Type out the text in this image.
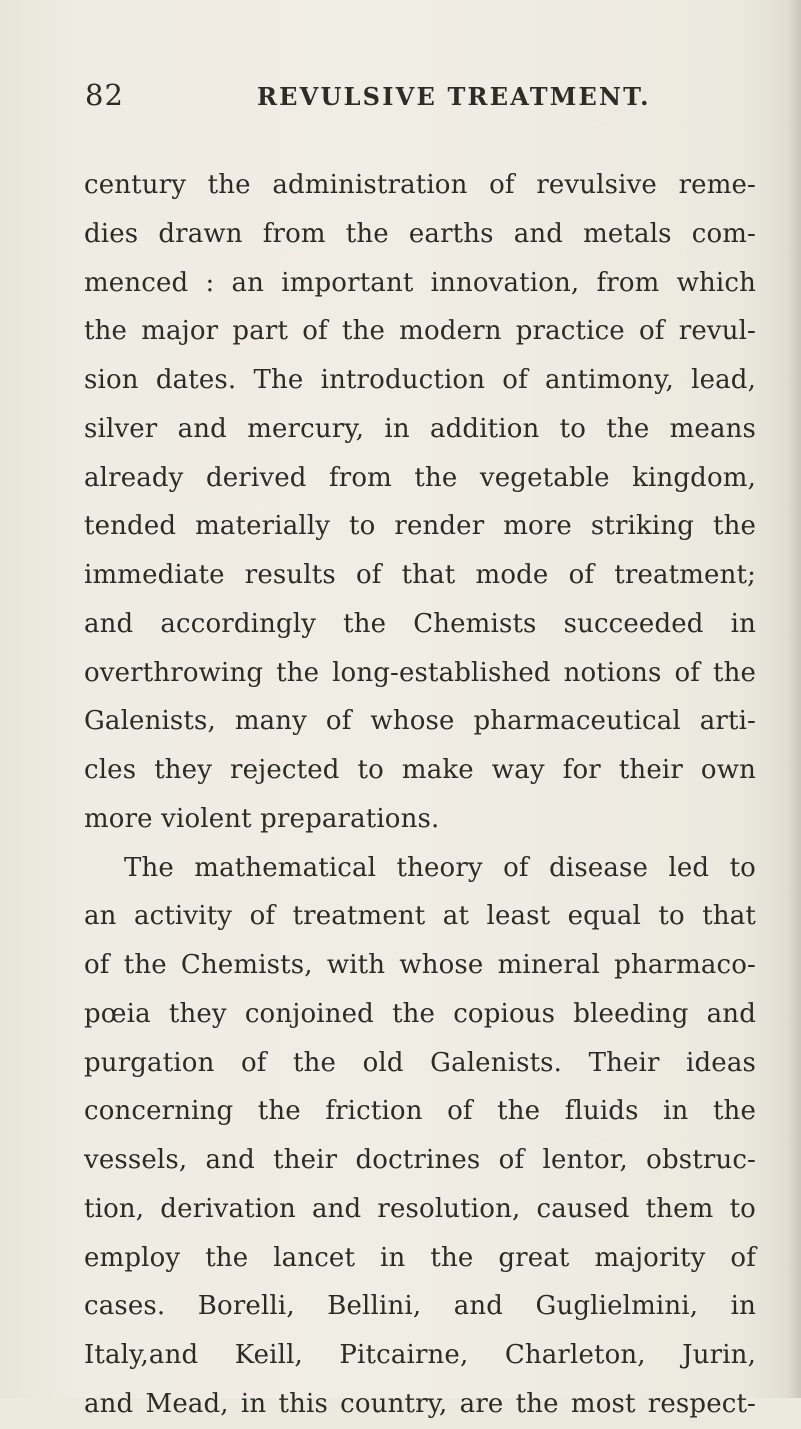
82	REVULSIVE TREATMENT.
century the administration of revulsive reme-
dies drawn from the earths and metals com-
menced : an important innovation, from which
the major part of the modern practice of revul-
sion dates. The introduction of antimony, lead,
silver and mercury, in addition to the means
already derived from the vegetable kingdom,
tended materially to render more striking the
immediate results of that mode of treatment;
and accordingly the Chemists succeeded in
overthrowing the long-established notions of the
Galenists, many of whose pharmaceutical arti-
cles they rejected to make way for their own
more violent preparations.
The mathematical theory of disease led to
an activity of treatment at least equal to that
of the Chemists, with whose mineral pharmaco-
pœia they conjoined the copious bleeding and
purgation of the old Galenists. Their ideas
concerning the friction of the fluids in the
vessels, and their doctrines of lentor, obstruc-
tion, derivation and resolution, caused them to
employ the lancet in the great majority of
cases. Borelli, Bellini, and Guglielmini, in
Italy,and Keill, Pitcairne, Charleton, Jurin,
and Mead, in this country, are the most respect-
